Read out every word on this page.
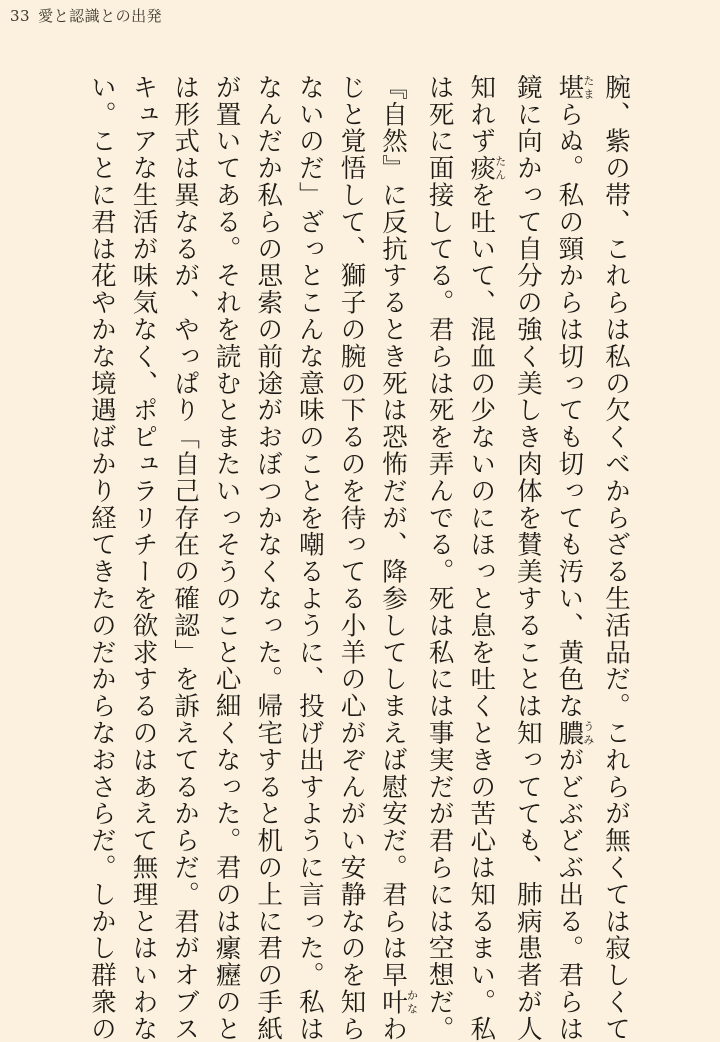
33 愛と認識との出発
腕、紫の帯、これらは私の欠くべからざる生活品だ。これらが無くては寂しくて
堪たまらぬ。私の頸からは切っても切っても汚い、黄色な膿うみがどぶどぶ出る。君らは
鏡に向かって自分の強く美しき肉体を賛美することは知ってても、肺病患者が人
知れず痰たんを吐いて、混血の少ないのにほっと息を吐くときの苦心は知るまい。私
は死に面接してる。君らは死を弄んでる。死は私には事実だが君らには空想だ。
『自然』に反抗するとき死は恐怖だが、降参してしまえば慰安だ。君らは早叶かなわ
じと覚悟して、獅子の腕の下るのを待ってる小羊の心がぞんがい安静なのを知ら
ないのだ」ざっとこんな意味のことを嘲るように、投げ出すように言った。私は
なんだか私らの思索の前途がおぼつかなくなった。帰宅すると机の上に君の手紙
が置いてある。それを読むとまたいっそうのこと心細くなった。君のは瘰癧のと
は形式は異なるが、やっぱり「自己存在の確認」を訴えてるからだ。君がオブス
キュアな生活が味気なく、ポピュラリチーを欲求するのはあえて無理とはいわな
い。ことに君は花やかな境遇ばかり経てきたのだからなおさらだ。しかし群衆の
